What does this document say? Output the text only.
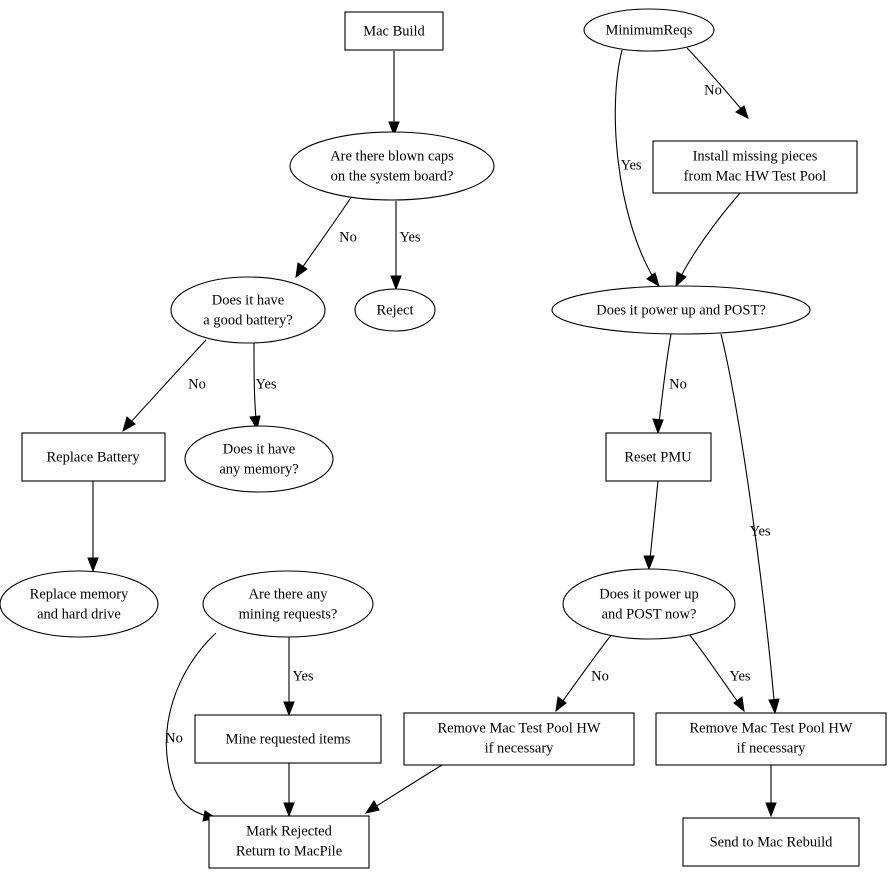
Mac Build	MinimumReqs
Are there blown caps
on the system board?
Install missing pieces
from Mac HW Test Pool
Does it have
a good battery?
Reject	Does it power up and POST?
Replace Battery	Does it have
any memory?
Reset PMU
Replace memory
and hard drive
Are there any
mining requests?
Does it power up
and POST now?
Mine requested items
Remove Mac Test Pool HW
if necessary
Remove Mac Test Pool HW
if necessary
Mark Rejected
Return to MacPile
Send to Mac Rebuild
No	Yes
No
Yes
No	Yes	No
Yes
No
Yes	No	Yes
